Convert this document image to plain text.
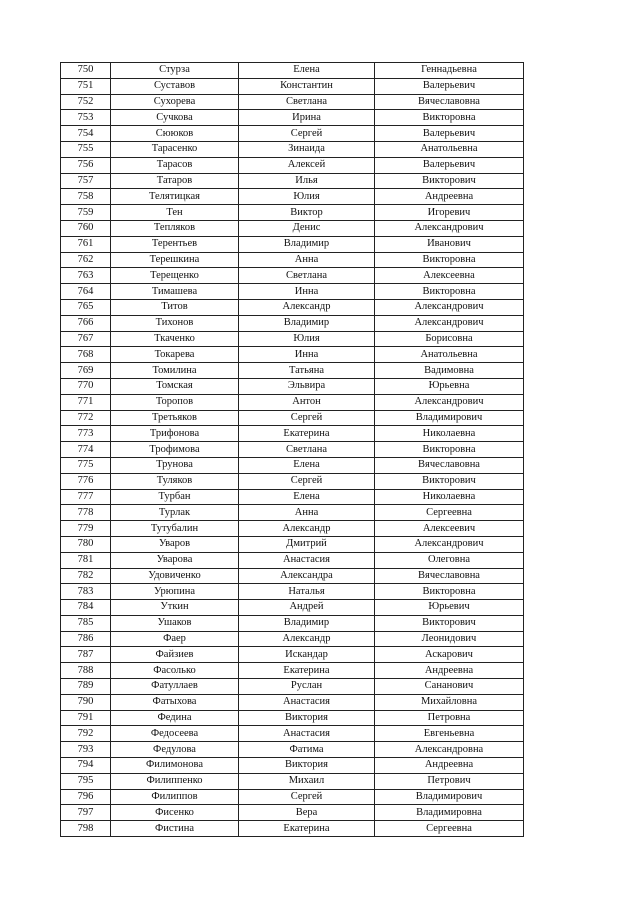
750	Стурза	Елена	Геннадьевна
751	Суставов	Константин	Валерьевич
752	Сухорева	Светлана	Вячеславовна
753	Сучкова	Ирина	Викторовна
754	Сююков	Сергей	Валерьевич
755	Тарасенко	Зинаида	Анатольевна
756	Тарасов	Алексей	Валерьевич
757	Татаров	Илья	Викторович
758	Телятицкая	Юлия	Андреевна
759	Тен	Виктор	Игоревич
760	Тепляков	Денис	Александрович
761	Терентьев	Владимир	Иванович
762	Терешкина	Анна	Викторовна
763	Терещенко	Светлана	Алексеевна
764	Тимашева	Инна	Викторовна
765	Титов	Александр	Александрович
766	Тихонов	Владимир	Александрович
767	Ткаченко	Юлия	Борисовна
768	Токарева	Инна	Анатольевна
769	Томилина	Татьяна	Вадимовна
770	Томская	Эльвира	Юрьевна
771	Торопов	Антон	Александрович
772	Третьяков	Сергей	Владимирович
773	Трифонова	Екатерина	Николаевна
774	Трофимова	Светлана	Викторовна
775	Трунова	Елена	Вячеславовна
776	Туляков	Сергей	Викторович
777	Турбан	Елена	Николаевна
778	Турлак	Анна	Сергеевна
779	Тутубалин	Александр	Алексеевич
780	Уваров	Дмитрий	Александрович
781	Уварова	Анастасия	Олеговна
782	Удовиченко	Александра	Вячеславовна
783	Урюпина	Наталья	Викторовна
784	Уткин	Андрей	Юрьевич
785	Ушаков	Владимир	Викторович
786	Фаер	Александр	Леонидович
787	Файзиев	Искандар	Аскарович
788	Фасолько	Екатерина	Андреевна
789	Фатуллаев	Руслан	Сананович
790	Фатыхова	Анастасия	Михайловна
791	Федина	Виктория	Петровна
792	Федосеева	Анастасия	Евгеньевна
793	Федулова	Фатима	Александровна
794	Филимонова	Виктория	Андреевна
795	Филиппенко	Михаил	Петрович
796	Филиппов	Сергей	Владимирович
797	Фисенко	Вера	Владимировна
798	Фистина	Екатерина	Сергеевна
